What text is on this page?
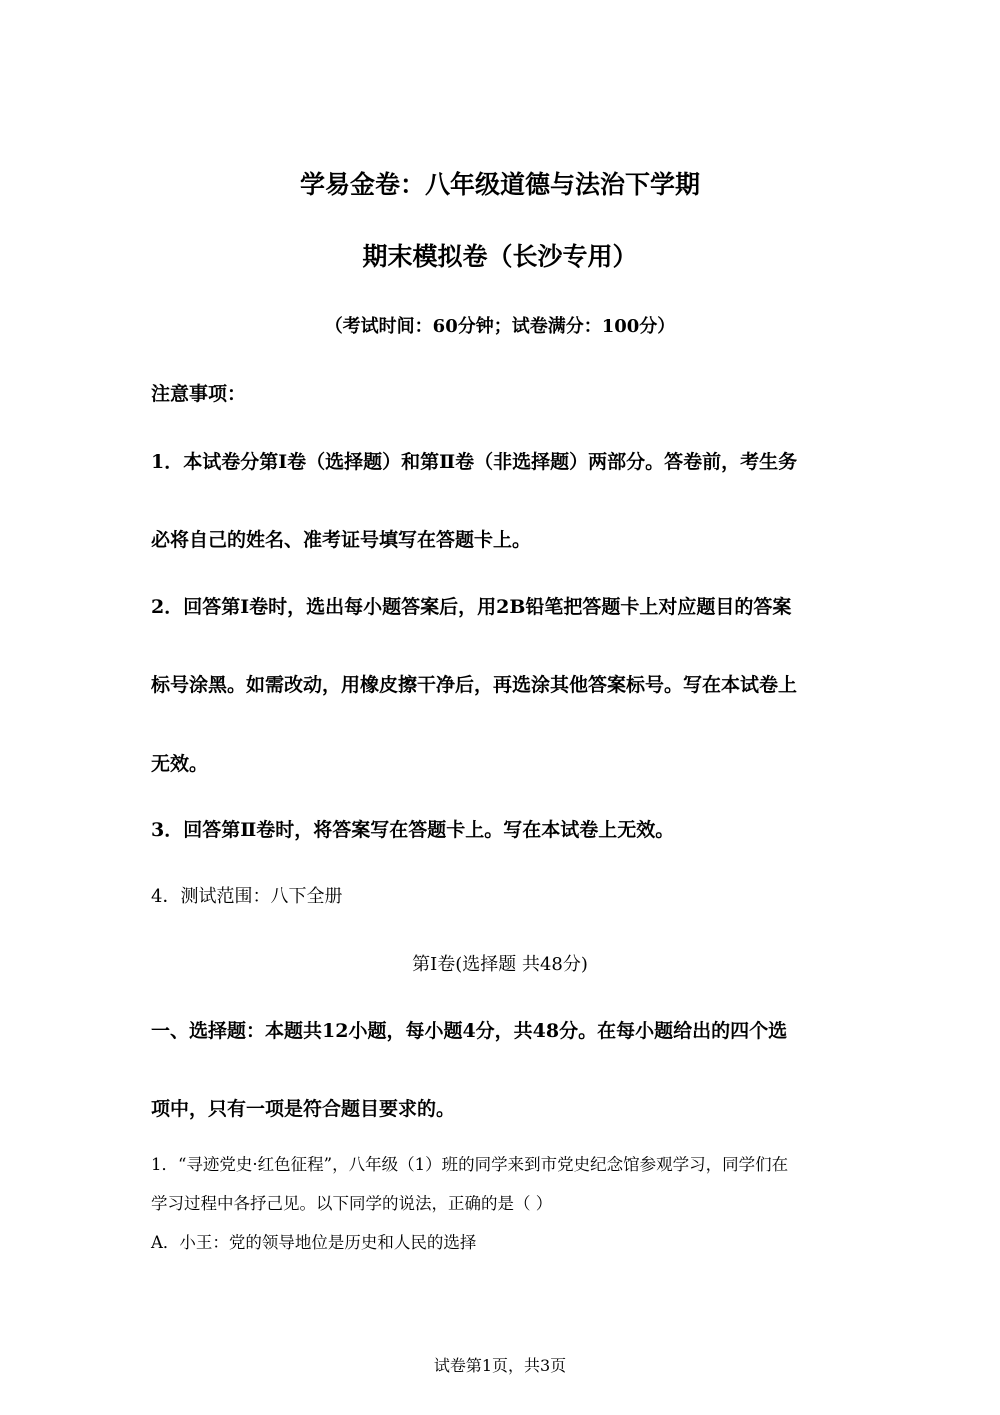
学易金卷：八年级道德与法治下学期
期末模拟卷（长沙专用）
（考试时间：60分钟；试卷满分：100分）
注意事项：
1．本试卷分第Ⅰ卷（选择题）和第Ⅱ卷（非选择题）两部分。答卷前，考生务
必将自己的姓名、准考证号填写在答题卡上。
2．回答第Ⅰ卷时，选出每小题答案后，用2B铅笔把答题卡上对应题目的答案
标号涂黑。如需改动，用橡皮擦干净后，再选涂其他答案标号。写在本试卷上
无效。
3．回答第Ⅱ卷时，将答案写在答题卡上。写在本试卷上无效。
4．测试范围：八下全册
第Ⅰ卷(选择题 共48分)
一、选择题：本题共12小题，每小题4分，共48分。在每小题给出的四个选
项中，只有一项是符合题目要求的。
1．“寻迹党史·红色征程”，八年级（1）班的同学来到市党史纪念馆参观学习，同学们在
学习过程中各抒己见。以下同学的说法，正确的是（ ）
A．小王：党的领导地位是历史和人民的选择
试卷第1页，共3页
